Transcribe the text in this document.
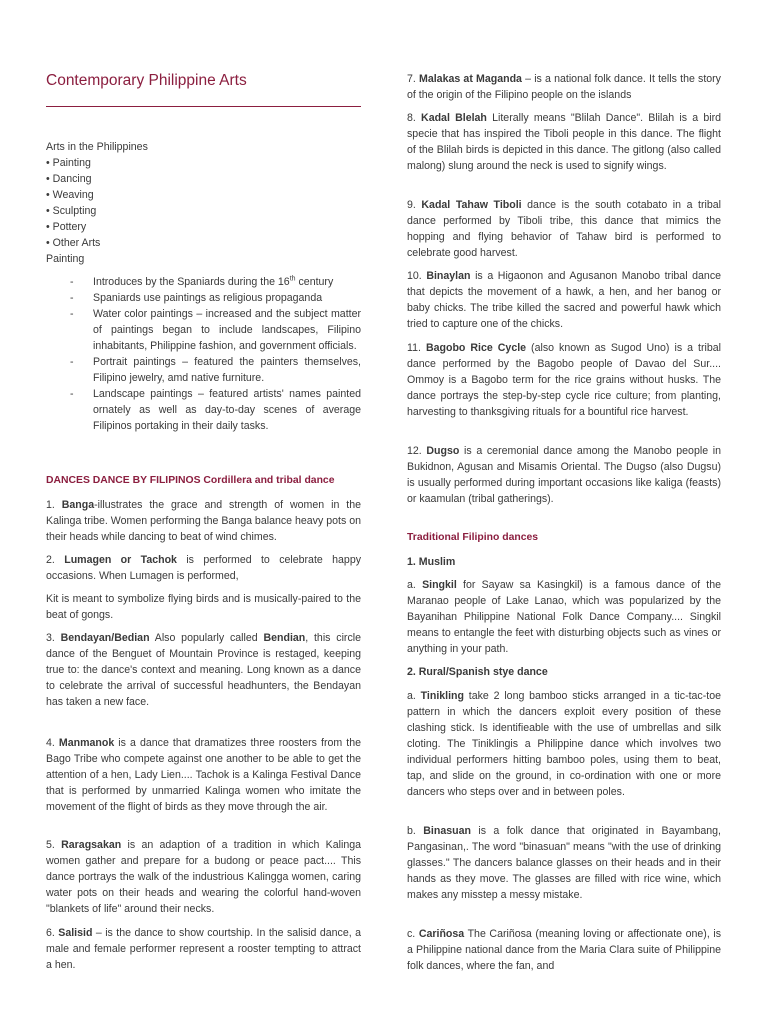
Contemporary Philippine Arts

Arts in the Philippines

• Painting

• Dancing

• Weaving

• Sculpting

• Pottery

• Other Arts

Painting

- Introduces by the Spaniards during the 16th century
- Spaniards use paintings as religious propaganda
- Water color paintings – increased and the subject matter of paintings began to include landscapes, Filipino inhabitants, Philippine fashion, and government officials.
- Portrait paintings – featured the painters themselves, Filipino jewelry, amd native furniture.
- Landscape paintings – featured artists' names painted ornately as well as day-to-day scenes of average Filipinos portaking in their daily tasks.

DANCES DANCE BY FILIPINOS Cordillera and tribal dance

1. Banga-illustrates the grace and strength of women in the Kalinga tribe. Women performing the Banga balance heavy pots on their heads while dancing to beat of wind chimes.

2. Lumagen or Tachok is performed to celebrate happy occasions. When Lumagen is performed,

Kit is meant to symbolize flying birds and is musically-paired to the beat of gongs.

3. Bendayan/Bedian Also popularly called Bendian, this circle dance of the Benguet of Mountain Province is restaged, keeping true to: the dance's context and meaning. Long known as a dance to celebrate the arrival of successful headhunters, the Bendayan has taken a new face.

4. Manmanok is a dance that dramatizes three roosters from the Bago Tribe who compete against one another to be able to get the attention of a hen, Lady Lien.... Tachok is a Kalinga Festival Dance that is performed by unmarried Kalinga women who imitate the movement of the flight of birds as they move through the air.

5. Raragsakan is an adaption of a tradition in which Kalinga women gather and prepare for a budong or peace pact.... This dance portrays the walk of the industrious Kalingga women, caring water pots on their heads and wearing the colorful hand-woven "blankets of life" around their necks.

6. Salisid – is the dance to show courtship. In the salisid dance, a male and female performer represent a rooster tempting to attract a hen.

7. Malakas at Maganda – is a national folk dance. It tells the story of the origin of the Filipino people on the islands

8. Kadal Blelah Literally means "Blilah Dance". Blilah is a bird specie that has inspired the Tiboli people in this dance. The flight of the Blilah birds is depicted in this dance. The gitlong (also called malong) slung around the neck is used to signify wings.

9. Kadal Tahaw Tiboli dance is the south cotabato in a tribal dance performed by Tiboli tribe, this dance that mimics the hopping and flying behavior of Tahaw bird is performed to celebrate good harvest.

10. Binaylan is a Higaonon and Agusanon Manobo tribal dance that depicts the movement of a hawk, a hen, and her banog or baby chicks. The tribe killed the sacred and powerful hawk which tried to capture one of the chicks.

11. Bagobo Rice Cycle (also known as Sugod Uno) is a tribal dance performed by the Bagobo people of Davao del Sur.... Ommoy is a Bagobo term for the rice grains without husks. The dance portrays the step-by-step cycle rice culture; from planting, harvesting to thanksgiving rituals for a bountiful rice harvest.

12. Dugso is a ceremonial dance among the Manobo people in Bukidnon, Agusan and Misamis Oriental. The Dugso (also Dugsu) is usually performed during important occasions like kaliga (feasts) or kaamulan (tribal gatherings).

Traditional Filipino dances

1. Muslim

a. Singkil for Sayaw sa Kasingkil) is a famous dance of the Maranao people of Lake Lanao, which was popularized by the Bayanihan Philippine National Folk Dance Company.... Singkil means to entangle the feet with disturbing objects such as vines or anything in your path.

2. Rural/Spanish stye dance

a. Tinikling take 2 long bamboo sticks arranged in a tic-tac-toe pattern in which the dancers exploit every position of these clashing stick. Is identifieable with the use of umbrellas and silk cloting. The Tiniklingis a Philippine dance which involves two individual performers hitting bamboo poles, using them to beat, tap, and slide on the ground, in co-ordination with one or more dancers who steps over and in between poles.

b. Binasuan is a folk dance that originated in Bayambang, Pangasinan,. The word "binasuan" means "with the use of drinking glasses." The dancers balance glasses on their heads and in their hands as they move. The glasses are filled with rice wine, which makes any misstep a messy mistake.

c. Cariñosa The Cariñosa (meaning loving or affectionate one), is a Philippine national dance from the Maria Clara suite of Philippine folk dances, where the fan, and
